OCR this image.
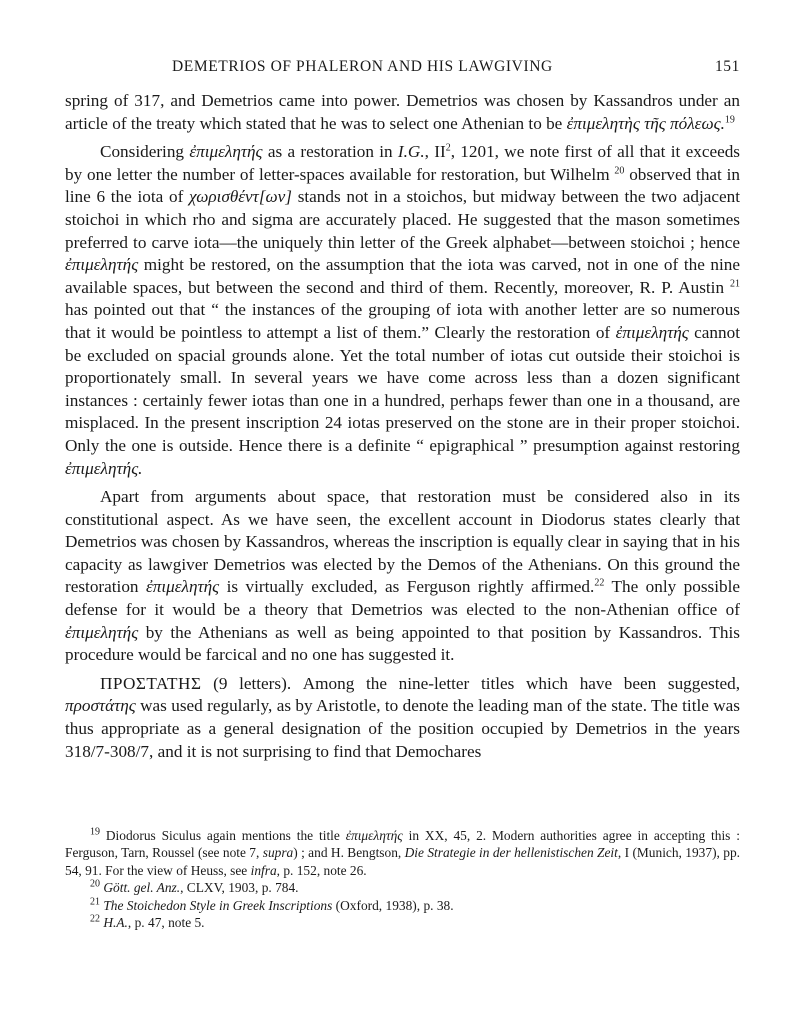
DEMETRIOS OF PHALERON AND HIS LAWGIVING	151

spring of 317, and Demetrios came into power. Demetrios was chosen by Kassandros under an article of the treaty which stated that he was to select one Athenian to be ἐπιμελητὴς τῆς πόλεως.$^{19}$

Considering ἐπιμελητής as a restoration in I.G., $II^2$, 1201, we note first of all that it exceeds by one letter the number of letter-spaces available for restoration, but Wilhelm $^{20}$ observed that in line 6 the iota of χωρισθέντ[ων] stands not in a stoichos, but midway between the two adjacent stoichoi in which rho and sigma are accurately placed. He suggested that the mason sometimes preferred to carve iota—the uniquely thin letter of the Greek alphabet—between stoichoi ; hence ἐπιμελητής might be restored, on the assumption that the iota was carved, not in one of the nine available spaces, but between the second and third of them. Recently, moreover, R. P. Austin $^{21}$ has pointed out that “ the instances of the grouping of iota with another letter are so numerous that it would be pointless to attempt a list of them.” Clearly the restoration of ἐπιμελητής cannot be excluded on spacial grounds alone. Yet the total number of iotas cut outside their stoichoi is proportionately small. In several years we have come across less than a dozen significant instances : certainly fewer iotas than one in a hundred, perhaps fewer than one in a thousand, are misplaced. In the present inscription 24 iotas preserved on the stone are in their proper stoichoi. Only the one is outside. Hence there is a definite “ epigraphical ” presumption against restoring ἐπιμελητής.

Apart from arguments about space, that restoration must be considered also in its constitutional aspect. As we have seen, the excellent account in Diodorus states clearly that Demetrios was chosen by Kassandros, whereas the inscription is equally clear in saying that in his capacity as lawgiver Demetrios was elected by the Demos of the Athenians. On this ground the restoration ἐπιμελητής is virtually excluded, as Ferguson rightly affirmed.$^{22}$ The only possible defense for it would be a theory that Demetrios was elected to the non-Athenian office of ἐπιμελητής by the Athenians as well as being appointed to that position by Kassandros. This procedure would be farcical and no one has suggested it.

ΠΡΟΣΤΑΤΗΣ (9 letters). Among the nine-letter titles which have been suggested, προστάτης was used regularly, as by Aristotle, to denote the leading man of the state. The title was thus appropriate as a general designation of the position occupied by Demetrios in the years 318/7-308/7, and it is not surprising to find that Demochares

$^{19}$ Diodorus Siculus again mentions the title ἐπιμελητής in XX, 45, 2. Modern authorities agree in accepting this : Ferguson, Tarn, Roussel (see note 7, supra) ; and H. Bengtson, Die Strategie in der hellenistischen Zeit, I (Munich, 1937), pp. 54, 91. For the view of Heuss, see infra, p. 152, note 26.

$^{20}$ Gött. gel. Anz., CLXV, 1903, p. 784.

$^{21}$ The Stoichedon Style in Greek Inscriptions (Oxford, 1938), p. 38.

$^{22}$ H.A., p. 47, note 5.
